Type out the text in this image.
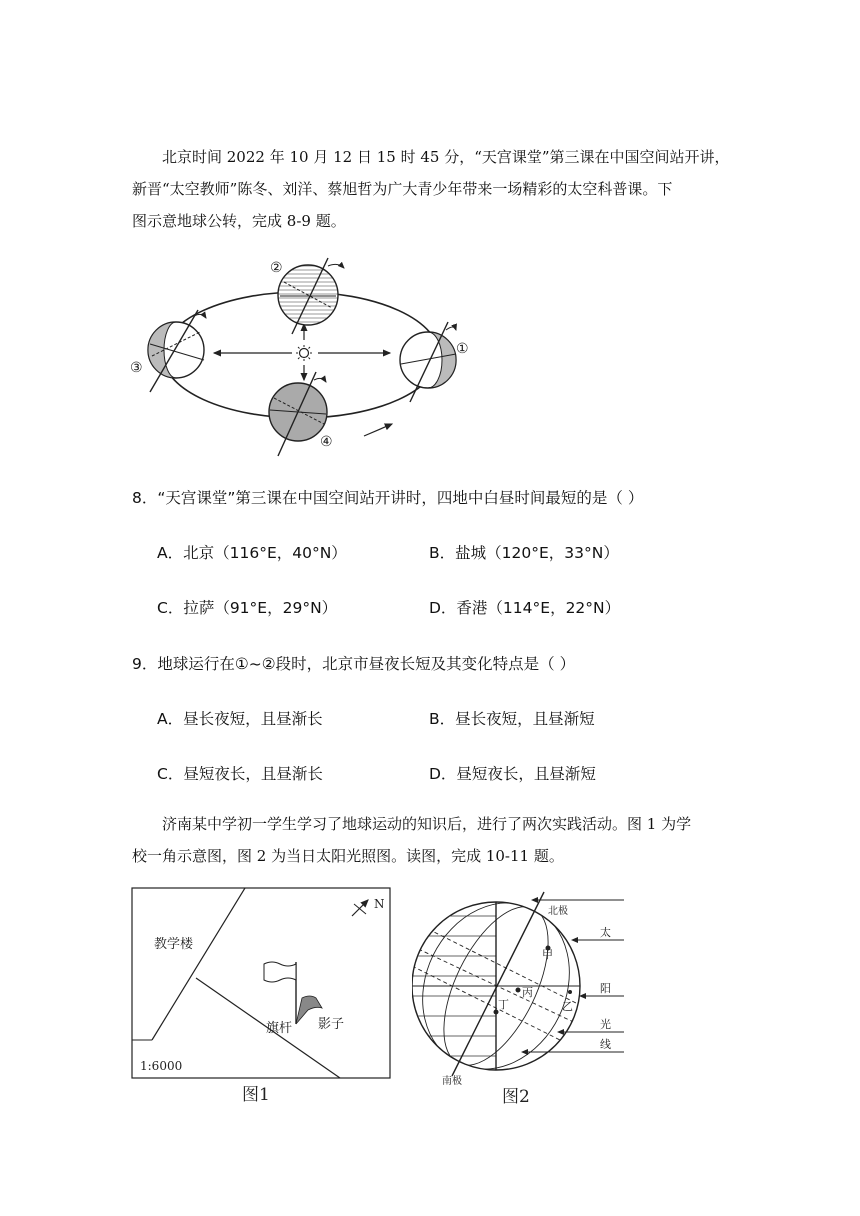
北京时间 2022 年 10 月 12 日 15 时 45 分，“天宫课堂”第三课在中国空间站开讲，

新晋“太空教师”陈冬、刘洋、蔡旭哲为广大青少年带来一场精彩的太空科普课。下

图示意地球公转，完成 8-9 题。

①
②
③
④
8．“天宫课堂”第三课在中国空间站开讲时，四地中白昼时间最短的是（ ）
A．北京（116°E，40°N）	B．盐城（120°E，33°N）
C．拉萨（91°E，29°N）	D．香港（114°E，22°N）
9．地球运行在①~②段时，北京市昼夜长短及其变化特点是（ ）
A．昼长夜短，且昼渐长	B．昼长夜短，且昼渐短
C．昼短夜长，且昼渐长	D．昼短夜长，且昼渐短

济南某中学初一学生学习了地球运动的知识后，进行了两次实践活动。图 1 为学

校一角示意图，图 2 为当日太阳光照图。读图，完成 10-11 题。

教学楼
N
旗杆 影子
1:6000
图1
北极
南极
甲
乙
丙
丁
太
阳
光
线
图2
